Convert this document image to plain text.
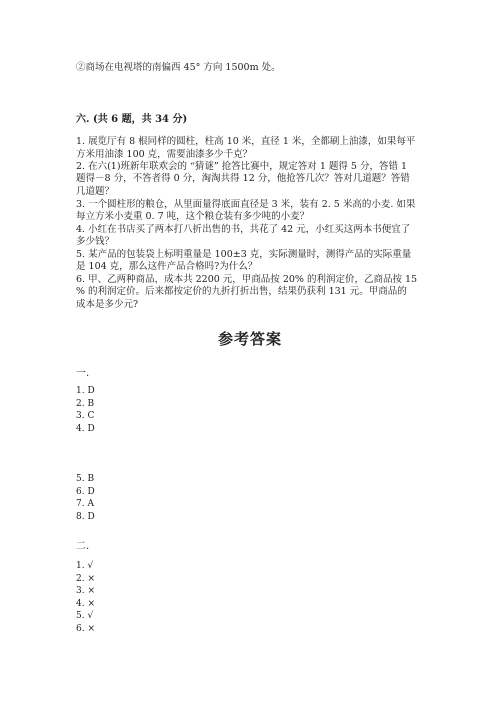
②商场在电视塔的南偏西 45° 方向 1500m 处。
六. (共 6 题，共 34 分)
1. 展览厅有 8 根同样的圆柱，柱高 10 米，直径 1 米，全都刷上油漆，如果每平
方米用油漆 100 克，需要油漆多少千克？
2. 在六(1)班新年联欢会的 “猜谜” 抢答比赛中，规定答对 1 题得 5 分，答错 1
题得－8 分，不答者得 0 分，淘淘共得 12 分，他抢答几次？答对几道题？答错
几道题？
3. 一个圆柱形的粮仓，从里面量得底面直径是 3 米，装有 2. 5 米高的小麦. 如果
每立方米小麦重 0. 7 吨，这个粮仓装有多少吨的小麦？
4. 小红在书店买了两本打八折出售的书，共花了 42 元，小红买这两本书便宜了
多少钱？
5. 某产品的包装袋上标明重量是 100±3 克，实际测量时，测得产品的实际重量
是 104 克，那么这件产品合格吗?为什么？
6. 甲、乙两种商品，成本共 2200 元，甲商品按 20% 的利润定价，乙商品按 15
% 的利润定价。后来都按定价的九折打折出售，结果仍获利 131 元。甲商品的
成本是多少元?
参考答案
一.
1. D
2. B
3. C
4. D
5. B
6. D
7. A
8. D
二.
1. √
2. ×
3. ×
4. ×
5. √
6. ×
